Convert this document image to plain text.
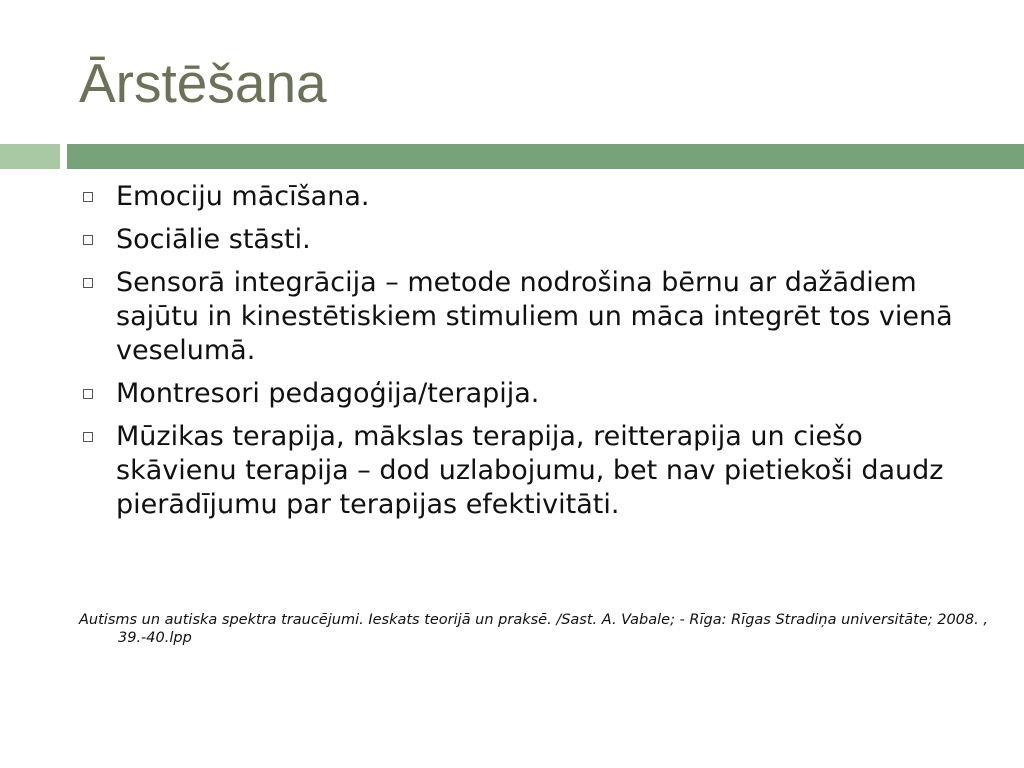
Ārstēšana
Emociju mācīšana.
Sociālie stāsti.
Sensorā integrācija – metode nodrošina bērnu ar dažādiem sajūtu in kinestētiskiem stimuliem un māca integrēt tos vienā veselumā.
Montresori pedagoģija/terapija.
Mūzikas terapija, mākslas terapija, reitterapija un ciešo skāvienu terapija – dod uzlabojumu, bet nav pietiekoši daudz pierādījumu par terapijas efektivitāti.

Autisms un autiska spektra traucējumi. Ieskats teorijā un praksē. /Sast. A. Vabale; - Rīga: Rīgas Stradiņa universitāte; 2008. , 39.-40.lpp
